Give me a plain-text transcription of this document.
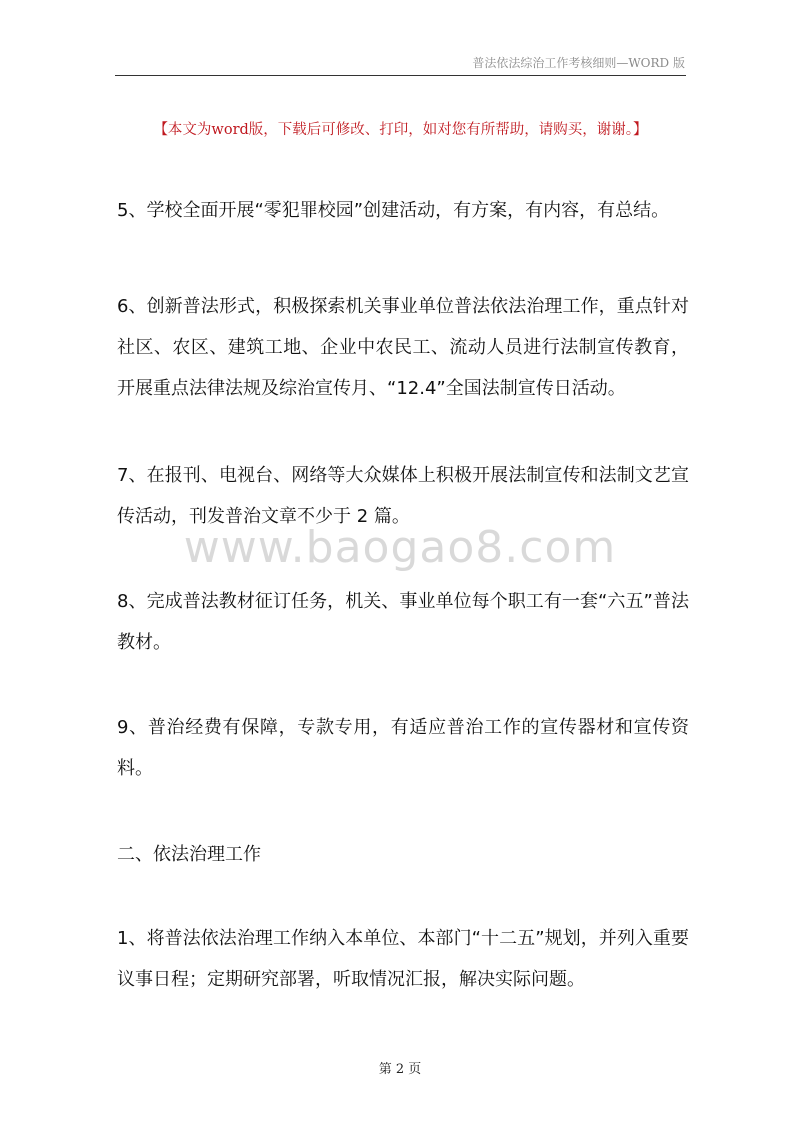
普法依法综治工作考核细则—WORD 版
【本文为word版，下载后可修改、打印，如对您有所帮助，请购买，谢谢。】
www.baogao8.com

5、学校全面开展“零犯罪校园”创建活动，有方案，有内容，有总结。

6、创新普法形式，积极探索机关事业单位普法依法治理工作，重点针对社区、农区、建筑工地、企业中农民工、流动人员进行法制宣传教育，开展重点法律法规及综治宣传月、“12.4”全国法制宣传日活动。

7、在报刊、电视台、网络等大众媒体上积极开展法制宣传和法制文艺宣传活动，刊发普治文章不少于 2 篇。

8、完成普法教材征订任务，机关、事业单位每个职工有一套“六五”普法教材。

9、普治经费有保障，专款专用，有适应普治工作的宣传器材和宣传资料。

二、依法治理工作

1、将普法依法治理工作纳入本单位、本部门“十二五”规划，并列入重要议事日程；定期研究部署，听取情况汇报，解决实际问题。

第 2 页
